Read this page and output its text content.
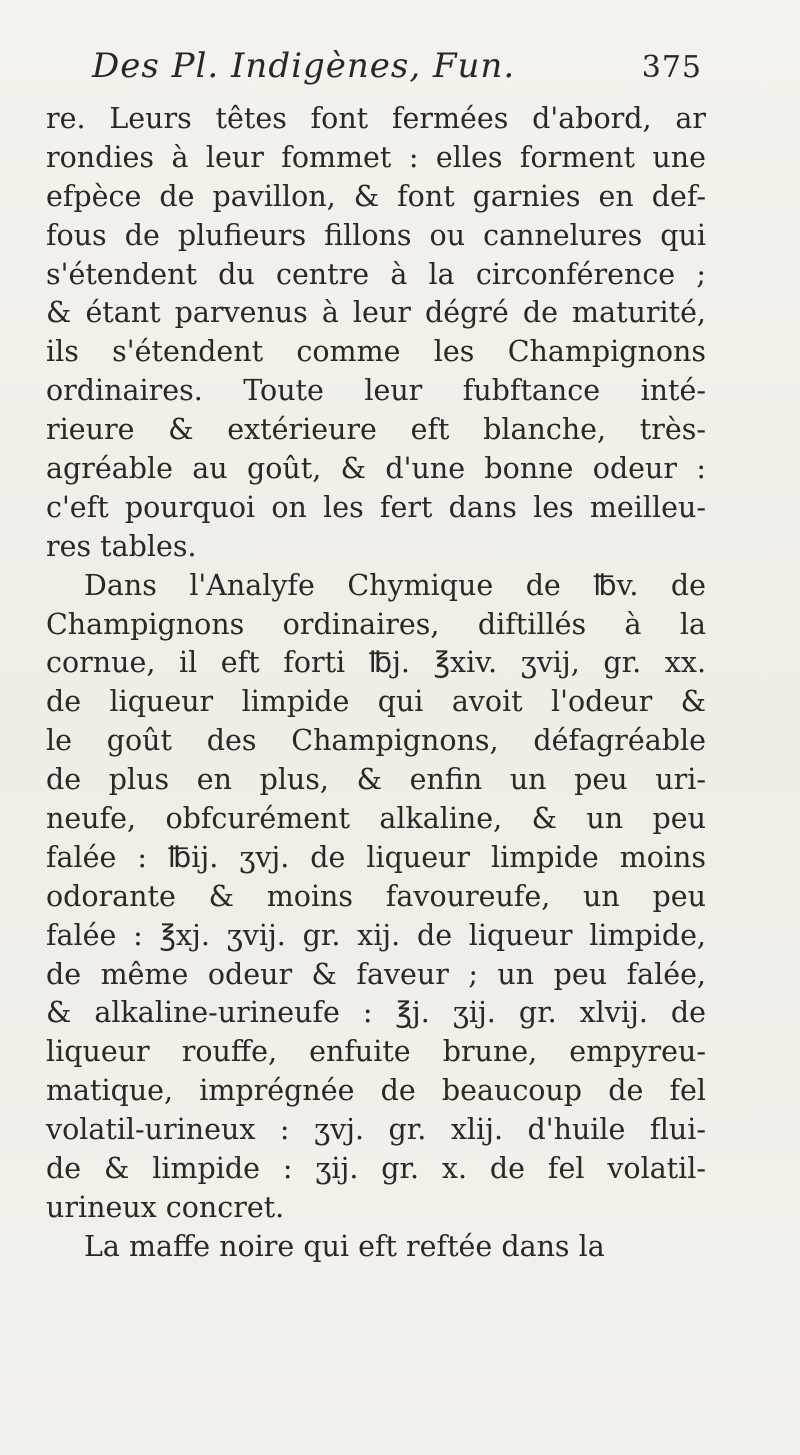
Des Pl. Indigènes, Fun.	375
re. Leurs têtes font fermées d'abord, ar
rondies à leur fommet : elles forment une
efpèce de pavillon, & font garnies en def-
fous de plufieurs fillons ou cannelures qui
s'étendent du centre à la circonférence ;
& étant parvenus à leur dégré de maturité,
ils s'étendent comme les Champignons
ordinaires. Toute leur fubftance inté-
rieure & extérieure eft blanche, très-
agréable au goût, & d'une bonne odeur :
c'eft pourquoi on les fert dans les meilleu-
res tables.
Dans l'Analyfe Chymique de ℔v. de
Champignons ordinaires, diftillés à la
cornue, il eft forti ℔j. ℥xiv. ʒvij, gr. xx.
de liqueur limpide qui avoit l'odeur &
le goût des Champignons, défagréable
de plus en plus, & enfin un peu uri-
neufe, obfcurément alkaline, & un peu
falée : ℔ij. ʒvj. de liqueur limpide moins
odorante & moins favoureufe, un peu
falée : ℥xj. ʒvij. gr. xij. de liqueur limpide,
de même odeur & faveur ; un peu falée,
& alkaline-urineufe : ℥j. ʒij. gr. xlvij. de
liqueur rouffe, enfuite brune, empyreu-
matique, imprégnée de beaucoup de fel
volatil-urineux : ʒvj. gr. xlij. d'huile flui-
de & limpide : ʒij. gr. x. de fel volatil-
urineux concret.
La maffe noire qui eft reftée dans la
